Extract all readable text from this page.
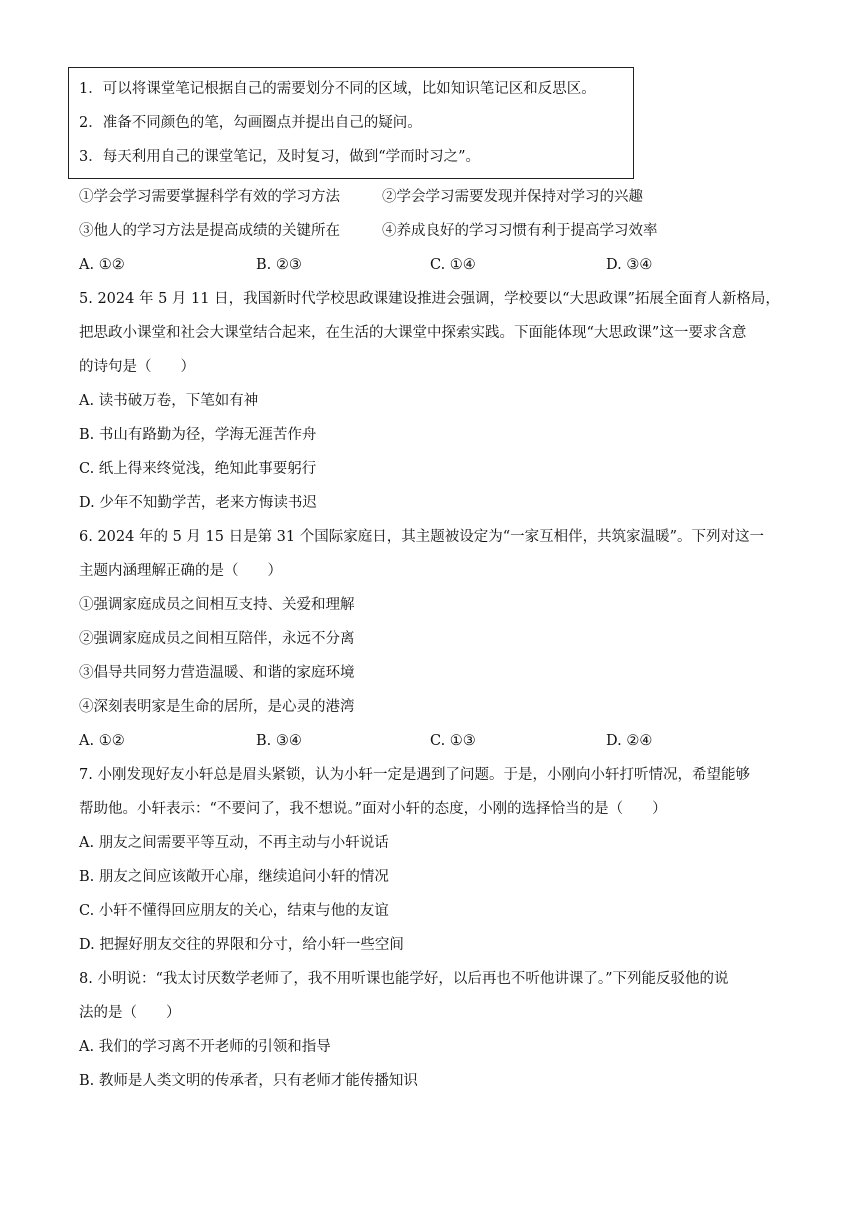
1．可以将课堂笔记根据自己的需要划分不同的区域，比如知识笔记区和反思区。
2．准备不同颜色的笔，勾画圈点并提出自己的疑问。
3．每天利用自己的课堂笔记，及时复习，做到“学而时习之”。
①学会学习需要掌握科学有效的学习方法	②学会学习需要发现并保持对学习的兴趣
③他人的学习方法是提高成绩的关键所在	④养成良好的学习习惯有利于提高学习效率
A. ①②	B. ②③	C. ①④	D. ③④
5. 2024 年 5 月 11 日，我国新时代学校思政课建设推进会强调，学校要以“大思政课”拓展全面育人新格局，
把思政小课堂和社会大课堂结合起来，在生活的大课堂中探索实践。下面能体现“大思政课”这一要求含意
的诗句是（　　）
A. 读书破万卷，下笔如有神
B. 书山有路勤为径，学海无涯苦作舟
C. 纸上得来终觉浅，绝知此事要躬行
D. 少年不知勤学苦，老来方悔读书迟
6. 2024 年的 5 月 15 日是第 31 个国际家庭日，其主题被设定为“一家互相伴，共筑家温暖”。下列对这一
主题内涵理解正确的是（　　）
①强调家庭成员之间相互支持、关爱和理解
②强调家庭成员之间相互陪伴，永远不分离
③倡导共同努力营造温暖、和谐的家庭环境
④深刻表明家是生命的居所，是心灵的港湾
A. ①②	B. ③④	C. ①③	D. ②④
7. 小刚发现好友小轩总是眉头紧锁，认为小轩一定是遇到了问题。于是，小刚向小轩打听情况，希望能够
帮助他。小轩表示：“不要问了，我不想说。”面对小轩的态度，小刚的选择恰当的是（　　）
A. 朋友之间需要平等互动，不再主动与小轩说话
B. 朋友之间应该敞开心扉，继续追问小轩的情况
C. 小轩不懂得回应朋友的关心，结束与他的友谊
D. 把握好朋友交往的界限和分寸，给小轩一些空间
8. 小明说：“我太讨厌数学老师了，我不用听课也能学好，以后再也不听他讲课了。”下列能反驳他的说
法的是（　　）
A. 我们的学习离不开老师的引领和指导
B. 教师是人类文明的传承者，只有老师才能传播知识
